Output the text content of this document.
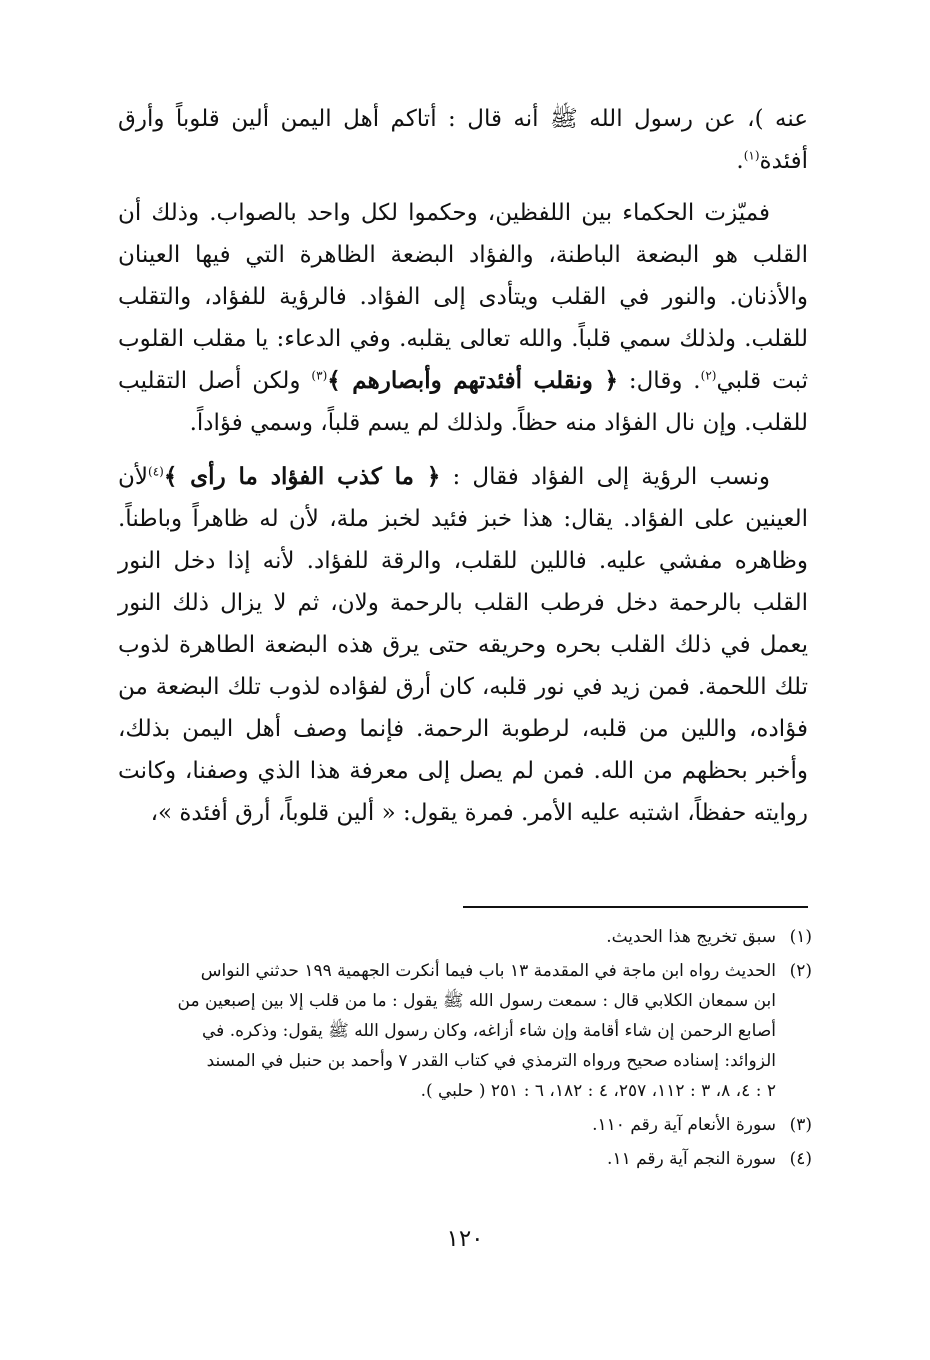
عنه )، عن رسول الله ﷺ أنه قال : أتاكم أهل اليمن ألين قلوباً وأرق أفئدة$^{(١)}$.

فميّزت الحكماء بين اللفظين، وحكموا لكل واحد بالصواب. وذلك أن القلب هو البضعة الباطنة، والفؤاد البضعة الظاهرة التي فيها العينان والأذنان. والنور في القلب ويتأدى إلى الفؤاد. فالرؤية للفؤاد، والتقلب للقلب. ولذلك سمي قلباً. والله تعالى يقلبه. وفي الدعاء: يا مقلب القلوب ثبت قلبي$^{(٢)}$. وقال: ﴿ ونقلب أفئدتهم وأبصارهم ﴾$^{(٣)}$ ولكن أصل التقليب للقلب. وإن نال الفؤاد منه حظاً. ولذلك لم يسم قلباً، وسمي فؤاداً.

ونسب الرؤية إلى الفؤاد فقال : ﴿ ما كذب الفؤاد ما رأى ﴾$^{(٤)}$لأن العينين على الفؤاد. يقال: هذا خبز فئيد لخبز ملة، لأن له ظاهراً وباطناً. وظاهره مفشي عليه. فاللين للقلب، والرقة للفؤاد. لأنه إذا دخل النور القلب بالرحمة دخل فرطب القلب بالرحمة ولان، ثم لا يزال ذلك النور يعمل في ذلك القلب بحره وحريقه حتى يرق هذه البضعة الطاهرة لذوب تلك اللحمة. فمن زيد في نور قلبه، كان أرق لفؤاده لذوب تلك البضعة من فؤاده، واللين من قلبه، لرطوبة الرحمة. فإنما وصف أهل اليمن بذلك، وأخبر بحظهم من الله. فمن لم يصل إلى معرفة هذا الذي وصفنا، وكانت روايته حفظاً، اشتبه عليه الأمر. فمرة يقول: « ألين قلوباً، أرق أفئدة »،

(١)
سبق تخريج هذا الحديث.
(٢)
الحديث رواه ابن ماجة في المقدمة ١٣ باب فيما أنكرت الجهمية ١٩٩ حدثني النواس
ابن سمعان الكلابي قال : سمعت رسول الله ﷺ يقول : ما من قلب إلا بين إصبعين من
أصابع الرحمن إن شاء أقامة وإن شاء أزاغه، وكان رسول الله ﷺ يقول: وذكره. في
الزوائد: إسناده صحيح ورواه الترمذي في كتاب القدر ٧ وأحمد بن حنبل في المسند
٢ : ٤، ٨، ٣ : ١١٢، ٢٥٧، ٤ : ١٨٢، ٦ : ٢٥١ ( حلبي ).
(٣)
سورة الأنعام آية رقم ١١٠.
(٤)
سورة النجم آية رقم ١١.
١٢٠
